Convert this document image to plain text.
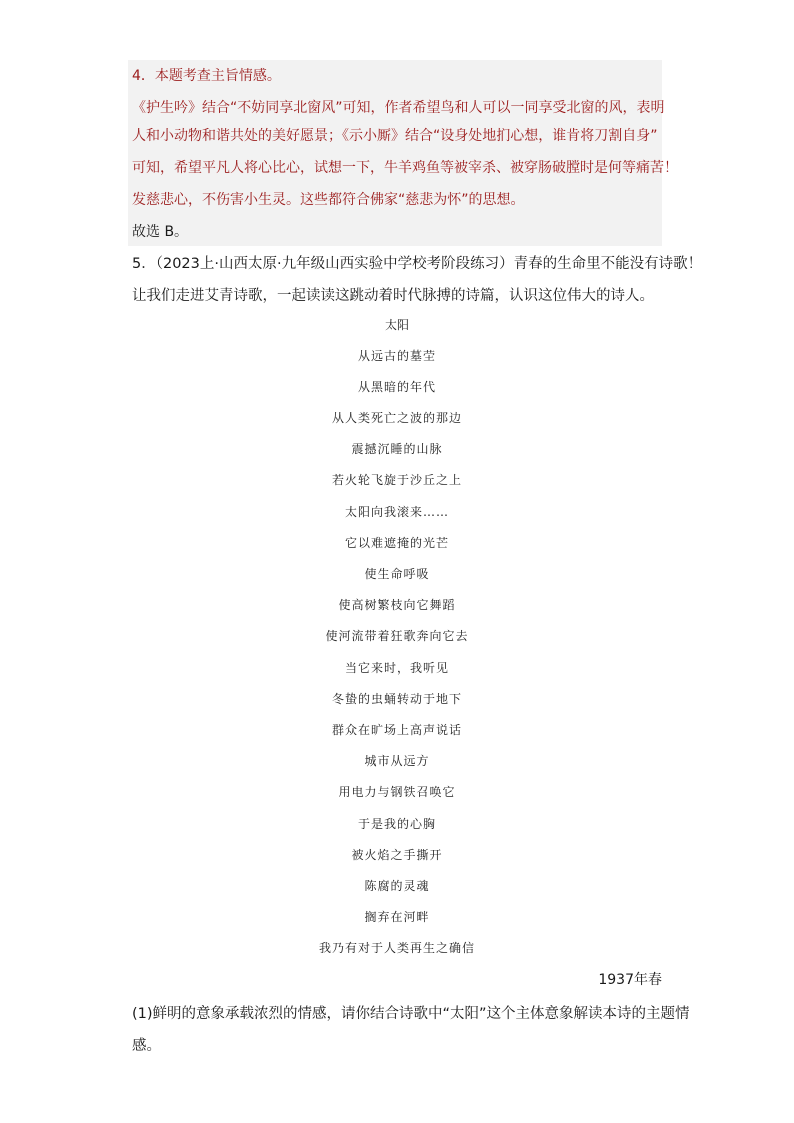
4．本题考查主旨情感。
《护生吟》结合“不妨同享北窗风”可知，作者希望鸟和人可以一同享受北窗的风，表明
人和小动物和谐共处的美好愿景；《示小厮》结合“设身处地扪心想，谁肯将刀割自身”
可知，希望平凡人将心比心，试想一下，牛羊鸡鱼等被宰杀、被穿肠破膛时是何等痛苦！
发慈悲心，不伤害小生灵。这些都符合佛家“慈悲为怀”的思想。
故选 B。
5．（2023上·山西太原·九年级山西实验中学校考阶段练习）青春的生命里不能没有诗歌！
让我们走进艾青诗歌，一起读读这跳动着时代脉搏的诗篇，认识这位伟大的诗人。
太阳
从远古的墓茔
从黑暗的年代
从人类死亡之波的那边
震撼沉睡的山脉
若火轮飞旋于沙丘之上
太阳向我滚来……
它以难遮掩的光芒
使生命呼吸
使高树繁枝向它舞蹈
使河流带着狂歌奔向它去
当它来时，我听见
冬蛰的虫蛹转动于地下
群众在旷场上高声说话
城市从远方
用电力与钢铁召唤它
于是我的心胸
被火焰之手撕开
陈腐的灵魂
搁弃在河畔
我乃有对于人类再生之确信
1937年春
(1)鲜明的意象承载浓烈的情感，请你结合诗歌中“太阳”这个主体意象解读本诗的主题情
感。
